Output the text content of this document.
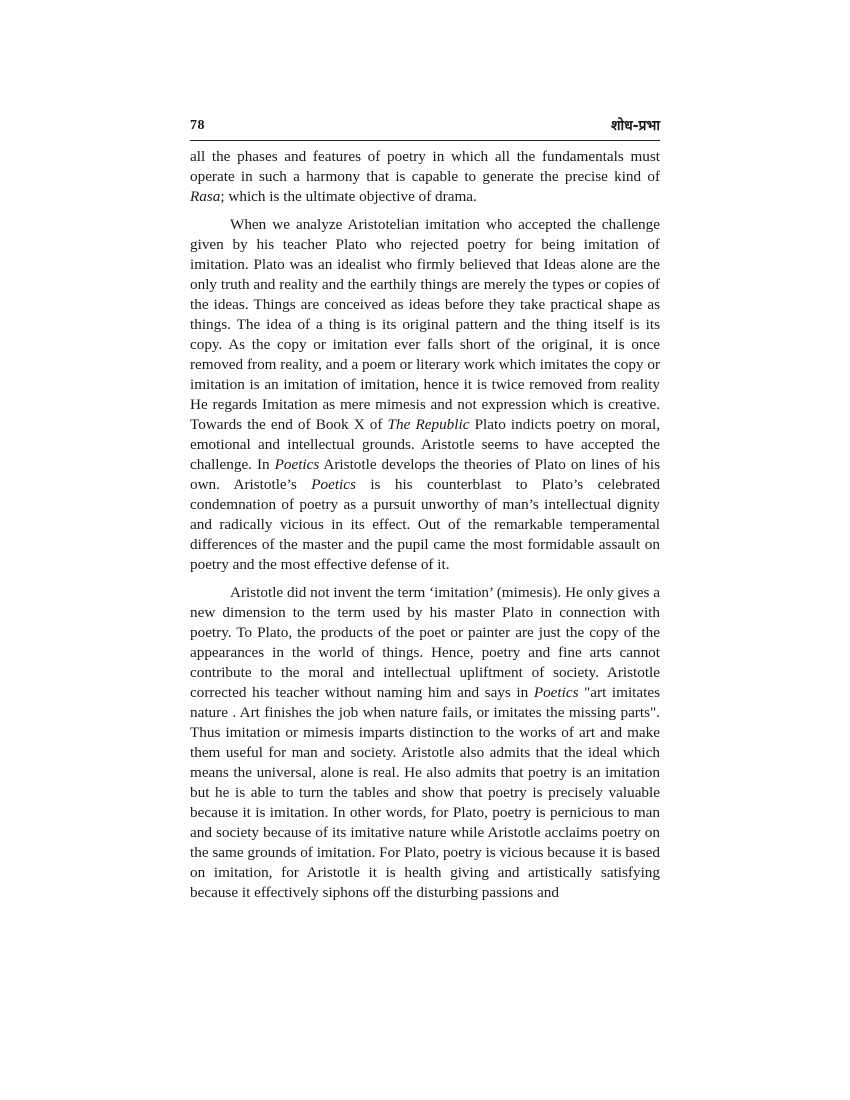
78	शोध-प्रभा

all the phases and features of poetry in which all the fundamentals must operate in such a harmony that is capable to generate the precise kind of Rasa; which is the ultimate objective of drama.

When we analyze Aristotelian imitation who accepted the challenge given by his teacher Plato who rejected poetry for being imitation of imitation. Plato was an idealist who firmly believed that Ideas alone are the only truth and reality and the earthily things are merely the types or copies of the ideas. Things are conceived as ideas before they take practical shape as things. The idea of a thing is its original pattern and the thing itself is its copy. As the copy or imitation ever falls short of the original, it is once removed from reality, and a poem or literary work which imitates the copy or imitation is an imitation of imitation, hence it is twice removed from reality He regards Imitation as mere mimesis and not expression which is creative. Towards the end of Book X of The Republic Plato indicts poetry on moral, emotional and intellectual grounds. Aristotle seems to have accepted the challenge. In Poetics Aristotle develops the theories of Plato on lines of his own. Aristotle’s Poetics is his counterblast to Plato’s celebrated condemnation of poetry as a pursuit unworthy of man’s intellectual dignity and radically vicious in its effect. Out of the remarkable temperamental differences of the master and the pupil came the most formidable assault on poetry and the most effective defense of it.

Aristotle did not invent the term ‘imitation’ (mimesis). He only gives a new dimension to the term used by his master Plato in connection with poetry. To Plato, the products of the poet or painter are just the copy of the appearances in the world of things. Hence, poetry and fine arts cannot contribute to the moral and intellectual upliftment of society. Aristotle corrected his teacher without naming him and says in Poetics "art imitates nature . Art finishes the job when nature fails, or imitates the missing parts". Thus imitation or mimesis imparts distinction to the works of art and make them useful for man and society. Aristotle also admits that the ideal which means the universal, alone is real. He also admits that poetry is an imitation but he is able to turn the tables and show that poetry is precisely valuable because it is imitation. In other words, for Plato, poetry is pernicious to man and society because of its imitative nature while Aristotle acclaims poetry on the same grounds of imitation. For Plato, poetry is vicious because it is based on imitation, for Aristotle it is health giving and artistically satisfying because it effectively siphons off the disturbing passions and
